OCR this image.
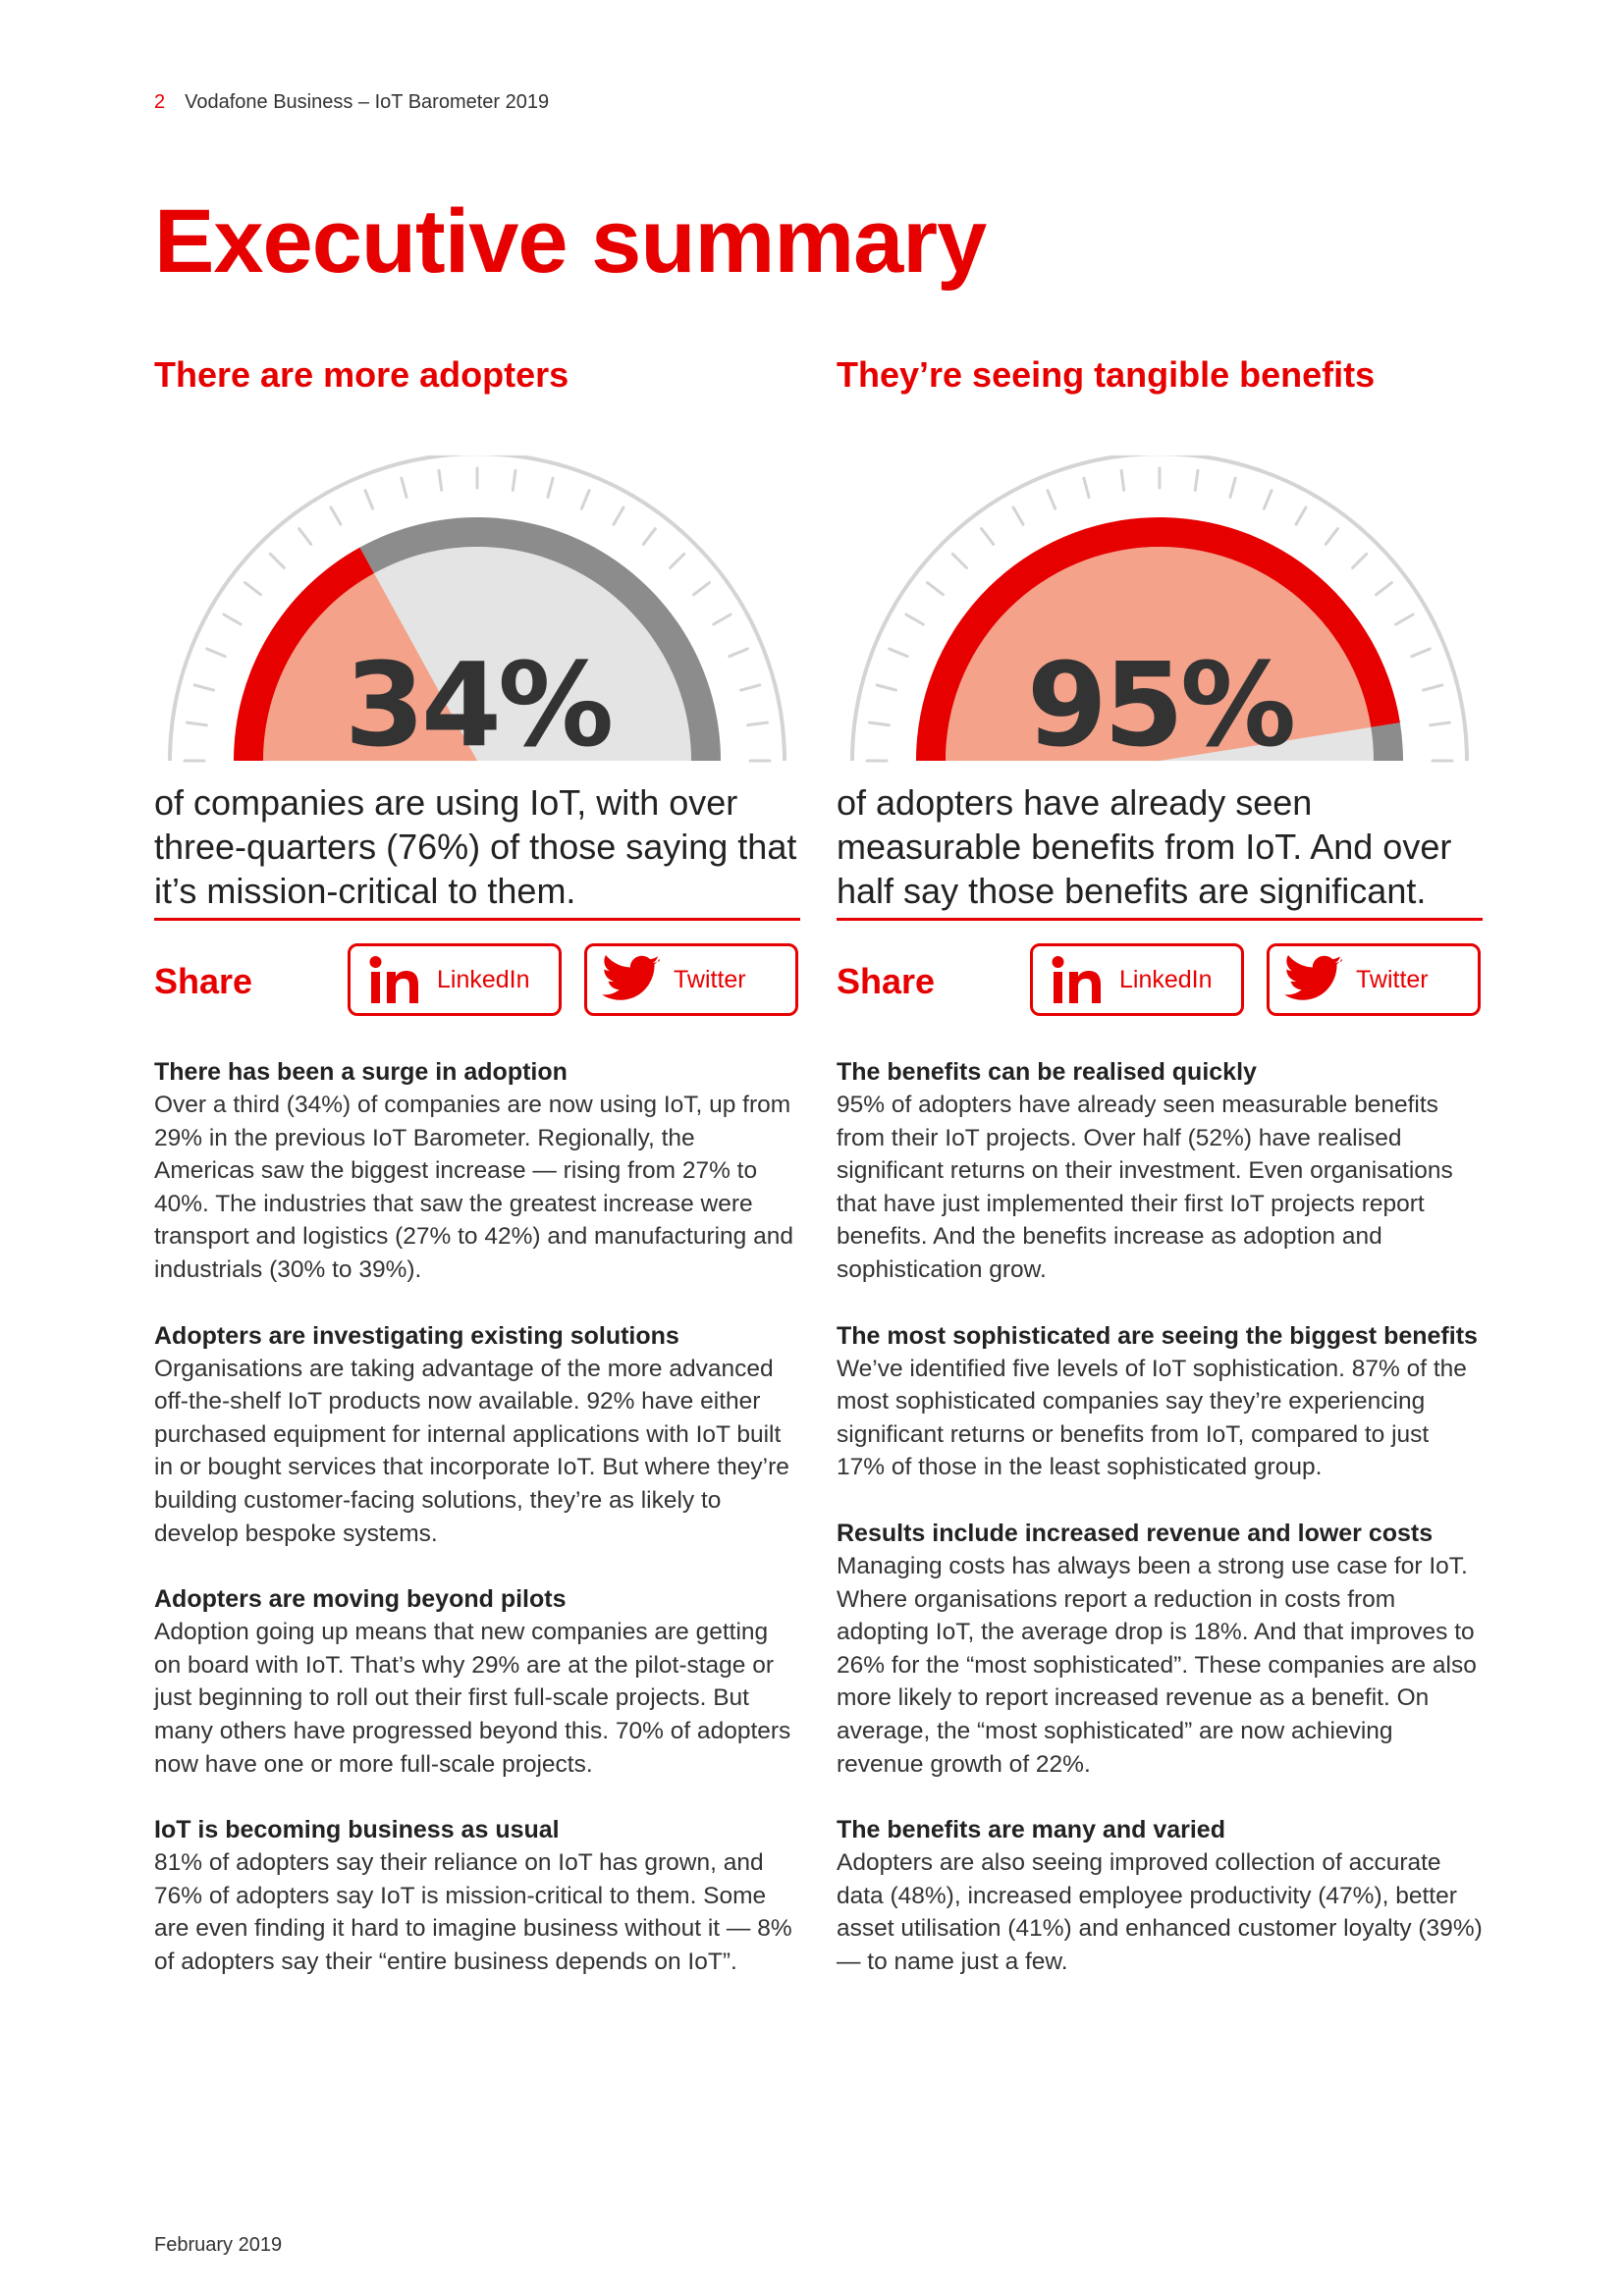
2 Vodafone Business – IoT Barometer 2019
Executive summary
There are more adopters
34%

of companies are using IoT, with over three-quarters (76%) of those saying that it’s mission-critical to them.

Share	LinkedIn	Twitter
There has been a surge in adoption

Over a third (34%) of companies are now using IoT, up from 29% in the previous IoT Barometer. Regionally, the Americas saw the biggest increase — rising from 27% to 40%. The industries that saw the greatest increase were transport and logistics (27% to 42%) and manufacturing and industrials (30% to 39%).

Adopters are investigating existing solutions

Organisations are taking advantage of the more advanced off-the-shelf IoT products now available. 92% have either purchased equipment for internal applications with IoT built in or bought services that incorporate IoT. But where they’re building customer-facing solutions, they’re as likely to develop bespoke systems.

Adopters are moving beyond pilots

Adoption going up means that new companies are getting on board with IoT. That’s why 29% are at the pilot-stage or just beginning to roll out their first full-scale projects. But many others have progressed beyond this. 70% of adopters now have one or more full-scale projects.

IoT is becoming business as usual

81% of adopters say their reliance on IoT has grown, and 76% of adopters say IoT is mission-critical to them. Some are even finding it hard to imagine business without it — 8% of adopters say their “entire business depends on IoT”.

They’re seeing tangible benefits
95%

of adopters have already seen measurable benefits from IoT. And over half say those benefits are significant.

Share	LinkedIn	Twitter
The benefits can be realised quickly

95% of adopters have already seen measurable benefits from their IoT projects. Over half (52%) have realised significant returns on their investment. Even organisations that have just implemented their first IoT projects report benefits. And the benefits increase as adoption and sophistication grow.

The most sophisticated are seeing the biggest benefits

We’ve identified five levels of IoT sophistication. 87% of the most sophisticated companies say they’re experiencing significant returns or benefits from IoT, compared to just 17% of those in the least sophisticated group.

Results include increased revenue and lower costs

Managing costs has always been a strong use case for IoT. Where organisations report a reduction in costs from adopting IoT, the average drop is 18%. And that improves to 26% for the “most sophisticated”. These companies are also more likely to report increased revenue as a benefit. On average, the “most sophisticated” are now achieving revenue growth of 22%.

The benefits are many and varied

Adopters are also seeing improved collection of accurate data (48%), increased employee productivity (47%), better asset utilisation (41%) and enhanced customer loyalty (39%) — to name just a few.

February 2019
